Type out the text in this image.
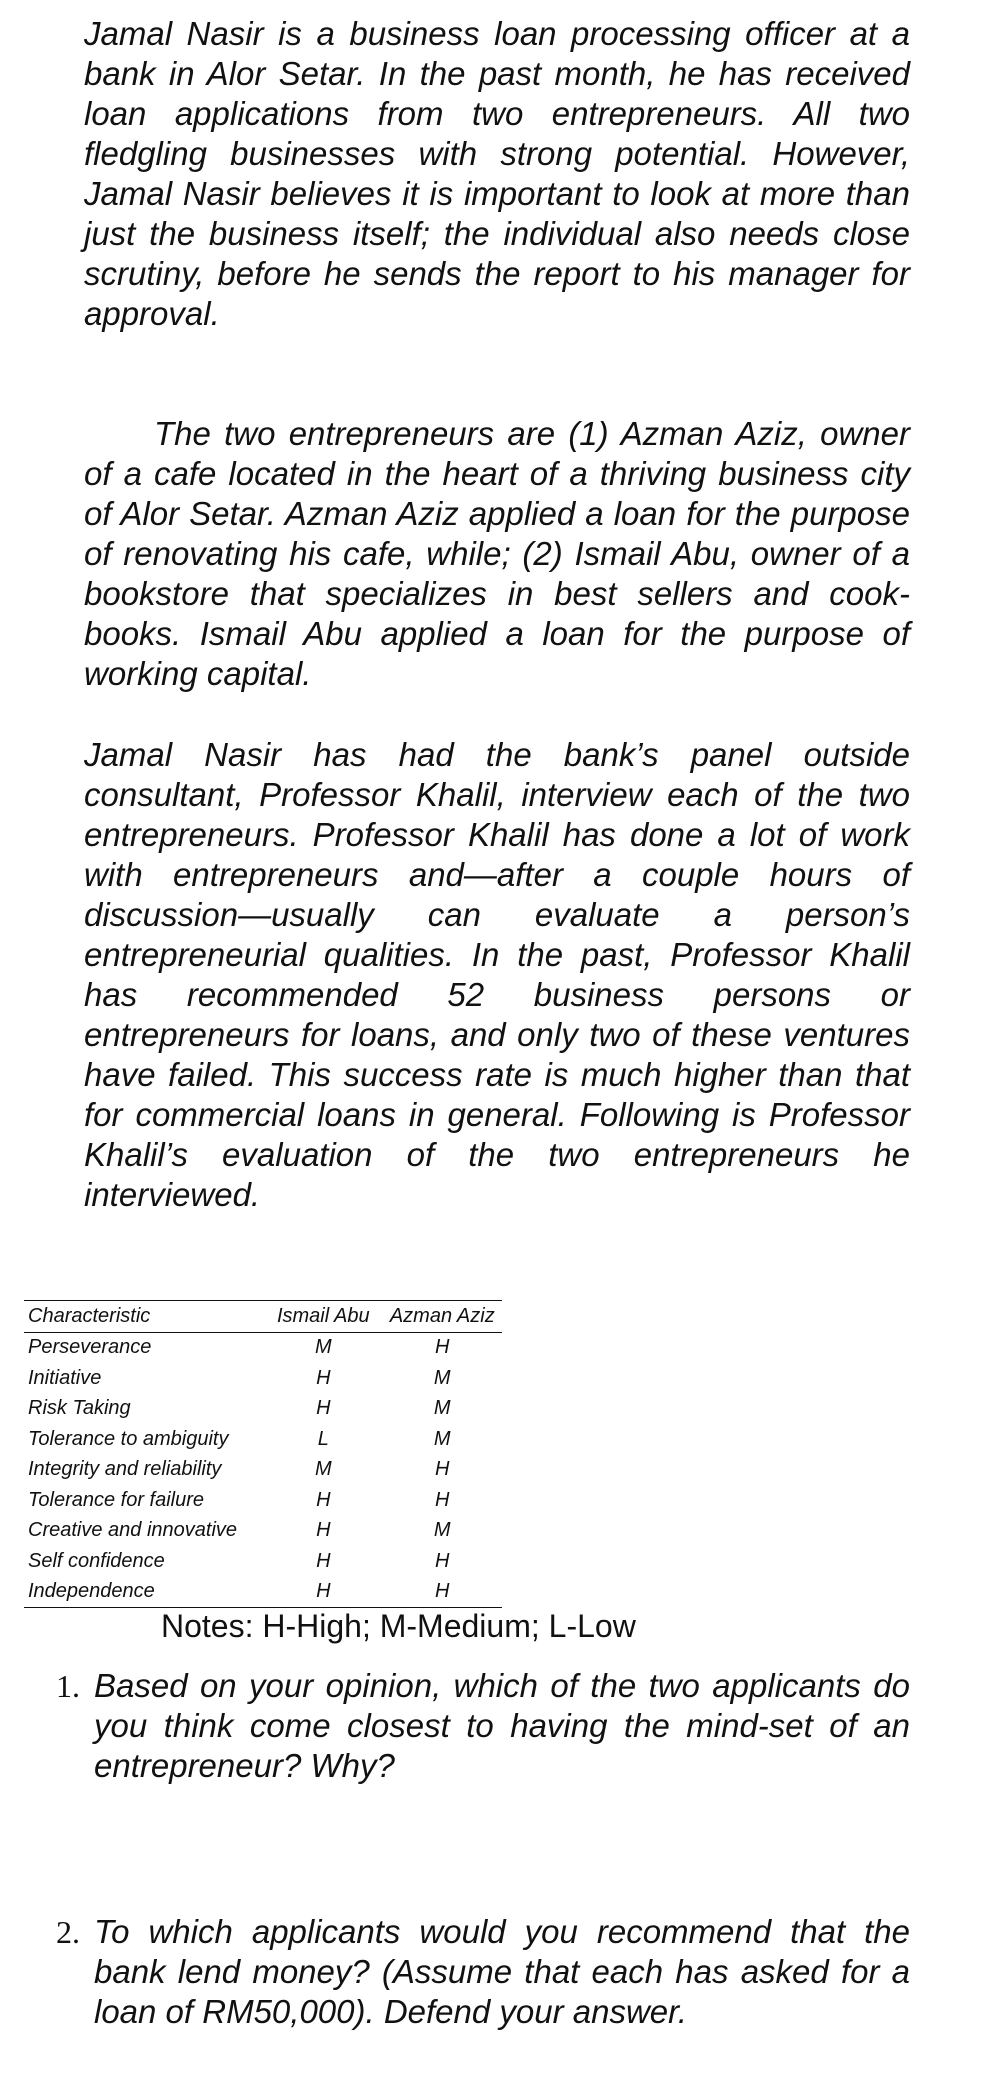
Jamal Nasir is a business loan processing officer at a bank in Alor Setar. In the past month, he has received loan applications from two entrepreneurs. All two fledgling businesses with strong potential. However, Jamal Nasir believes it is important to look at more than just the business itself; the individual also needs close scrutiny, before he sends the report to his manager for approval.

The two entrepreneurs are (1) Azman Aziz, owner of a cafe located in the heart of a thriving business city of Alor Setar. Azman Aziz applied a loan for the purpose of renovating his cafe, while; (2) Ismail Abu, owner of a bookstore that specializes in best sellers and cook-books. Ismail Abu applied a loan for the purpose of working capital.

Jamal Nasir has had the bank’s panel outside consultant, Professor Khalil, interview each of the two entrepreneurs. Professor Khalil has done a lot of work with entrepreneurs and—after a couple hours of discussion—usually can evaluate a person’s entrepreneurial qualities. In the past, Professor Khalil has recommended 52 business persons or entrepreneurs for loans, and only two of these ventures have failed. This success rate is much higher than that for commercial loans in general. Following is Professor Khalil’s evaluation of the two entrepreneurs he interviewed.

Characteristic	Ismail Abu	Azman Aziz
Perseverance	M	H
Initiative	H	M
Risk Taking	H	M
Tolerance to ambiguity	L	M
Integrity and reliability	M	H
Tolerance for failure	H	H
Creative and innovative	H	M
Self confidence	H	H
Independence	H	H

Notes: H-High; M-Medium; L-Low

1. Based on your opinion, which of the two applicants do you think come closest to having the mind-set of an entrepreneur? Why?
2. To which applicants would you recommend that the bank lend money? (Assume that each has asked for a loan of RM50,000). Defend your answer.
